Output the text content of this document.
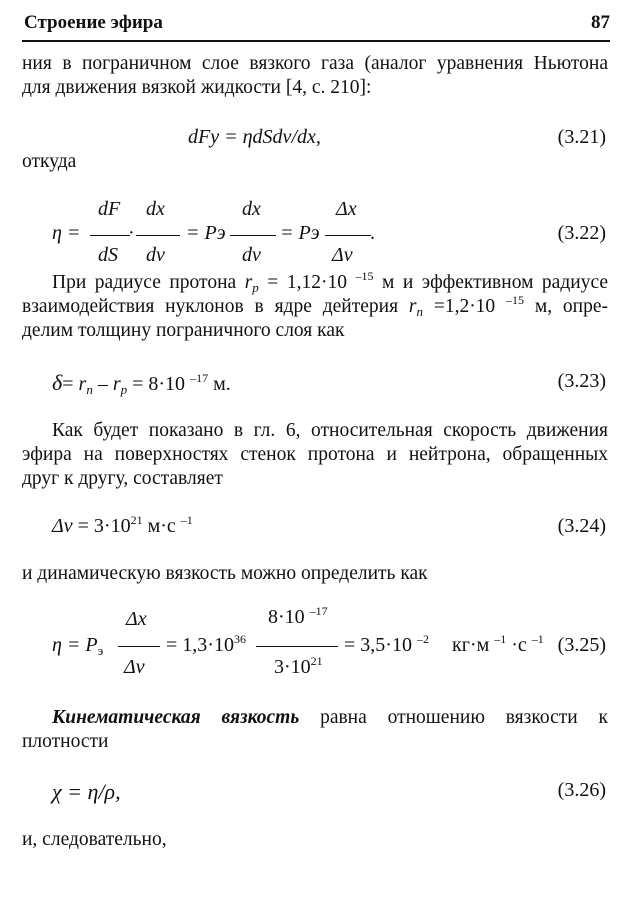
Строение эфира	87
ния в пограничном слое вязкого газа (аналог уравнения Ньютона
для движения вязкой жидкости [4, с. 210]:
dFy = ηdSdv/dx,	(3.21)
откуда
η =
dF
dS
·
dx
dv
= Pэ
dx
dv
= Pэ
Δx
Δv
.	(3.22)
При радиусе протона $r_p = 1,12\cdot 10$ $^{-15}$ м и эффективном радиусе
взаимодействия нуклонов в ядре дейтерия $r_n =1,2\cdot 10$ $^{-15}$ м, опре-
делим толщину пограничного слоя как
$\delta= r_n - r_p = 8\cdot 10$ $^{-17}$ м.	(3.23)
Как будет показано в гл. 6, относительная скорость движения
эфира на поверхностях стенок протона и нейтрона, обращенных
друг к другу, составляет
$\Delta v = 3\cdot 10^{21}$ м·с $^{-1}$	(3.24)
и динамическую вязкость можно определить как
$\eta = P_э$
Δx
Δv
= $1,3\cdot 10^{36}$
8·10 $^{-17}$
$3\cdot 10^{21}$
= 3,5·10 $^{-2}$ кг·м $^{-1}$ ·с $^{-1}$ (3.25)
Кинематическая вязкость равна отношению вязкости к
плотности
χ = η/ρ,	(3.26)
и, следовательно,
